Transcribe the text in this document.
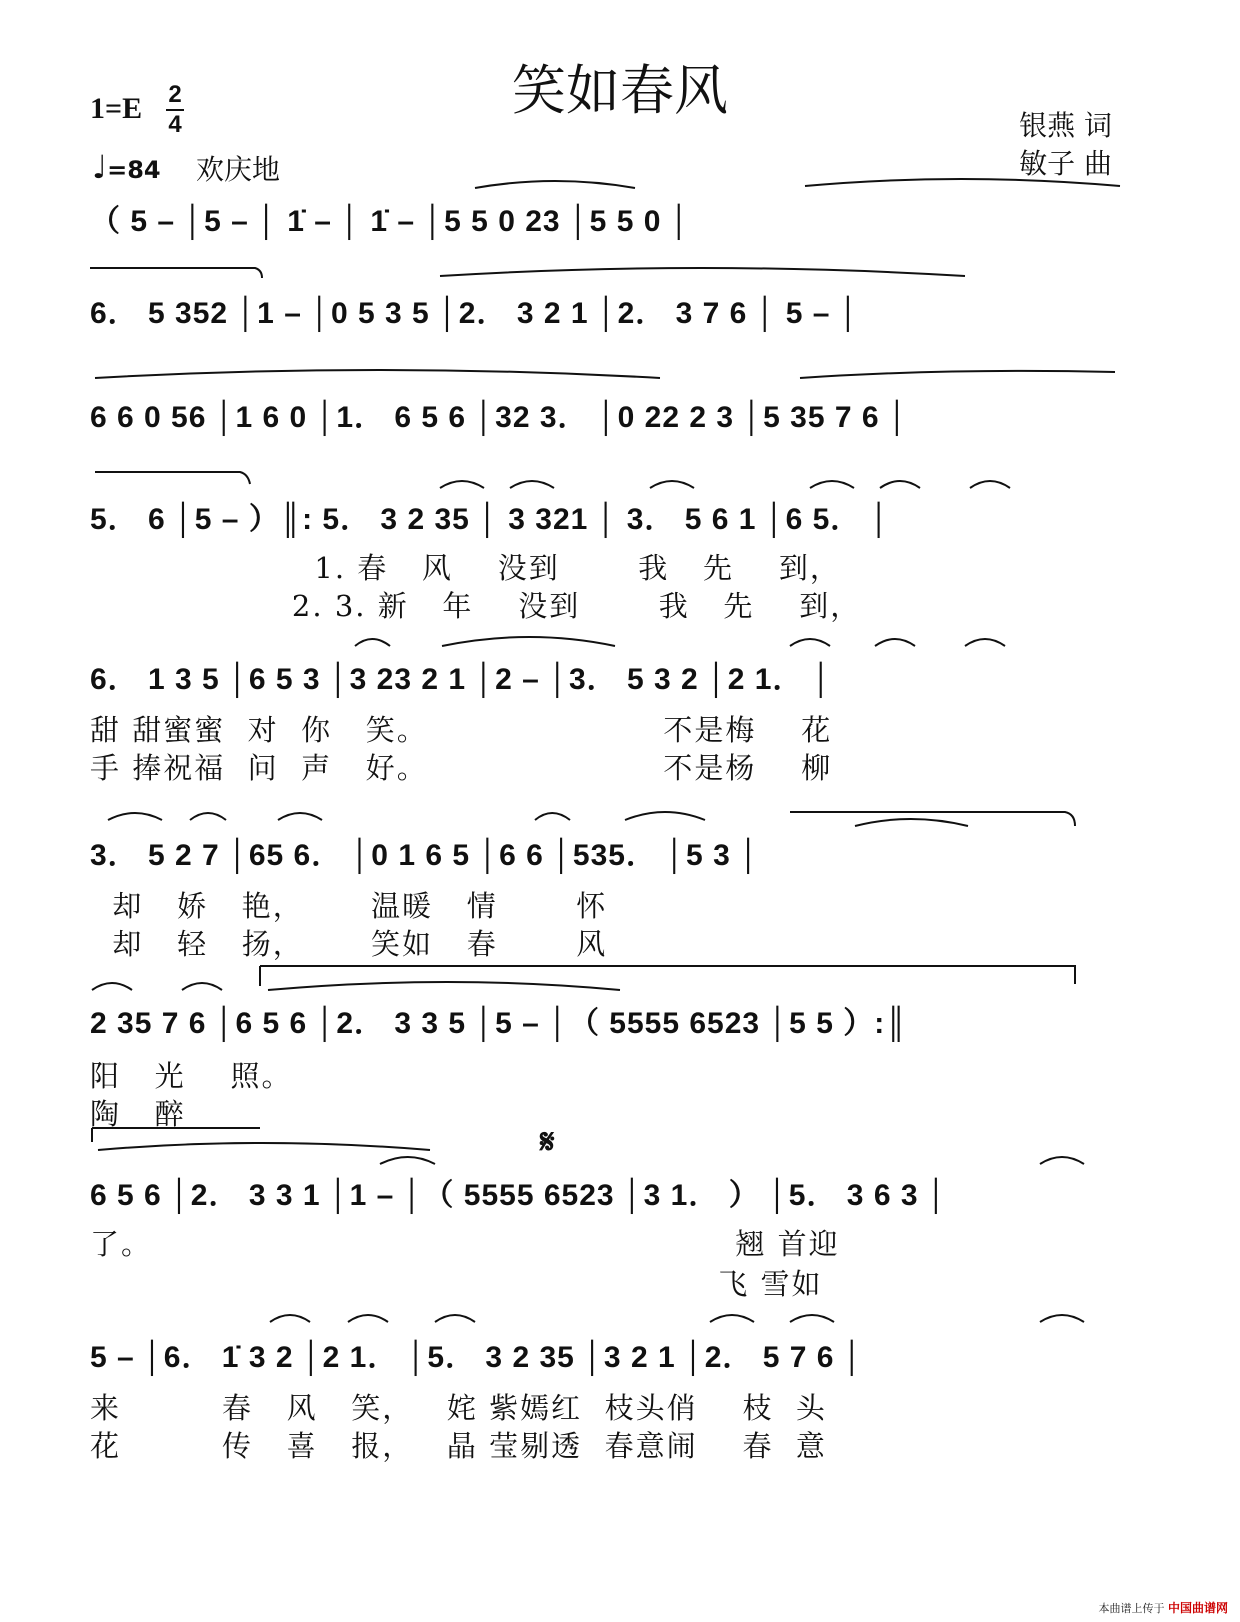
笑如春风
1=E 2
4
♩=84 欢庆地
银燕 词
敏子 曲
𝄋
（ 5 – │5 – │ 1̇ – │ 1̇ – │5 5 0 23 │5 5 0 │
6． 5 352 │1 – │0 5 3 5 │2． 3 2 1 │2． 3 7 6 │ 5 – │
6 6 0 56 │1 6 0 │1． 6 5 6 │32 3． │0 22 2 3 │5 35 7 6 │
5． 6 │5 – ）║: 5． 3 2 35 │ 3 321 │ 3． 5 6 1 │6 5． │
1. 春   风    没到       我   先    到，
2. 3. 新   年    没到       我   先    到，
6． 1 3 5 │6 5 3 │3 23 2 1 │2 – │3． 5 3 2 │2 1． │
甜 甜蜜蜜  对  你   笑。                     不是梅    花
手 捧祝福  问  声   好。                     不是杨    柳
3． 5 2 7 │65 6． │0 1 6 5 │6 6 │535． │5 3 │
却   娇   艳，      温暖   情       怀
却   轻   扬，      笑如   春       风
2 35 7 6 │6 5 6 │2． 3 3 5 │5 – │（ 5555 6523 │5 5 ）:║
阳   光    照。
陶   醉
6 5 6 │2． 3 3 1 │1 – │（ 5555 6523 │3 1． ） │5． 3 6 3 │
了。                                                    翘 首迎
飞 雪如
5 – │6． 1̇ 3 2 │2 1． │5． 3 2 35 │3 2 1 │2． 5 7 6 │
来         春   风   笑，   姹 紫嫣红  枝头俏    枝  头
花         传   喜   报，   晶 莹剔透  春意闹    春  意
本曲谱上传于 中国曲谱网
